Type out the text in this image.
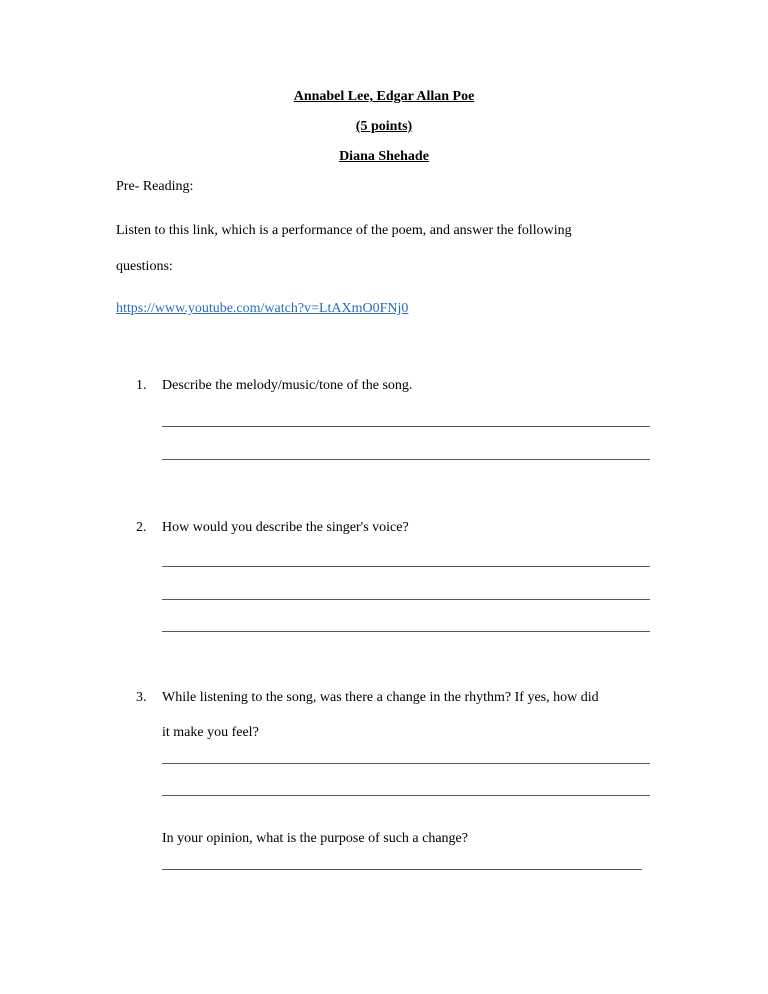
Annabel Lee, Edgar Allan Poe
(5 points)
Diana Shehade
Pre- Reading:
Listen to this link, which is a performance of the poem, and answer the following
questions:
https://www.youtube.com/watch?v=LtAXmO0FNj0
1. Describe the melody/music/tone of the song.
2. How would you describe the singer's voice?
3. While listening to the song, was there a change in the rhythm? If yes, how did
it make you feel?
In your opinion, what is the purpose of such a change?
